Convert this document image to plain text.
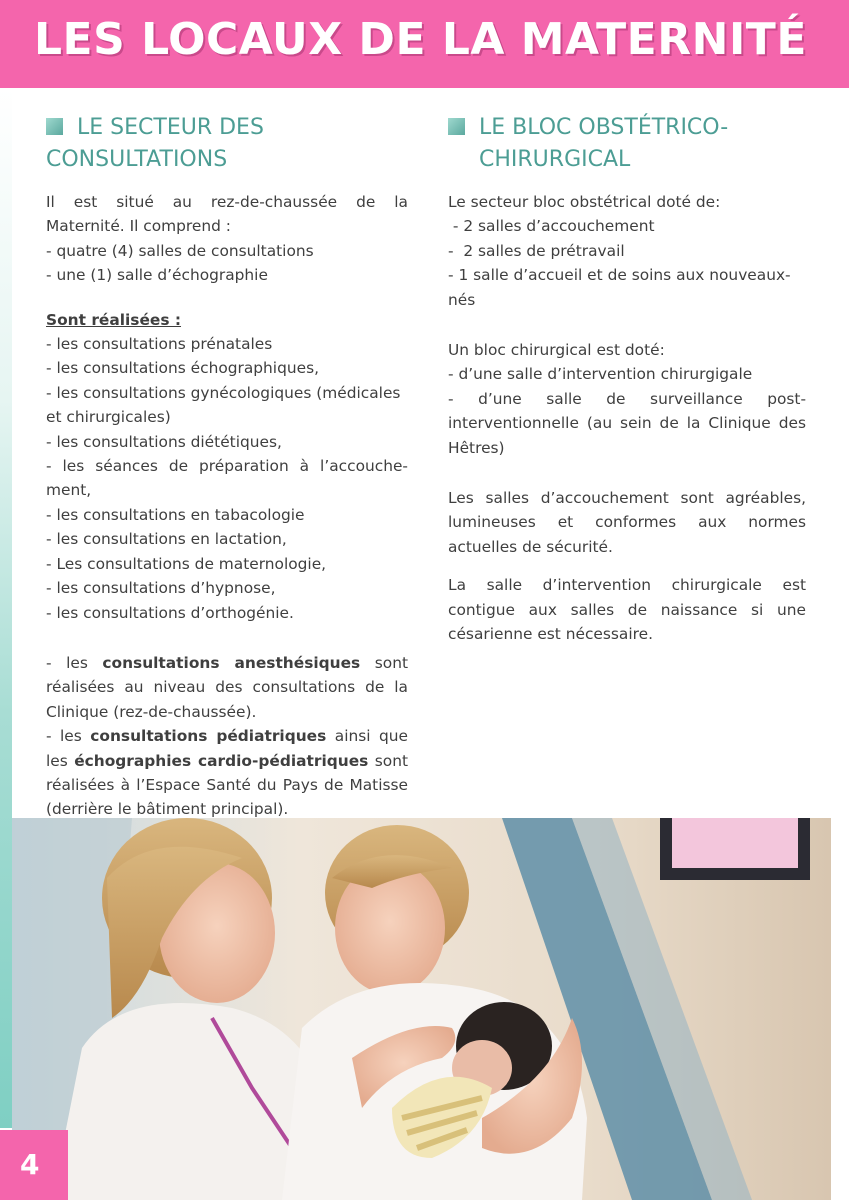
LES LOCAUX DE LA MATERNITÉ
LE SECTEUR DES
CONSULTATIONS

Il est situé au rez-de-chaussée de la

Maternité. Il comprend :

- quatre (4) salles de consultations

- une (1) salle d’échographie

Sont réalisées :

- les consultations prénatales

- les consultations échographiques,

- les consultations gynécologiques (médicales

et chirurgicales)

- les consultations diététiques,

- les séances de préparation à l’accouche-

ment,

- les consultations en tabacologie

- les consultations en lactation,

- Les consultations de maternologie,

- les consultations d’hypnose,

- les consultations d’orthogénie.

- les consultations anesthésiques sont réalisées au niveau des consultations de la Clinique (rez-de-chaussée).

- les consultations pédiatriques ainsi que les échographies cardio-pédiatriques sont réalisées à l’Espace Santé du Pays de Matisse (derrière le bâtiment principal).

LE BLOC OBSTÉTRICO-
CHIRURGICAL

Le secteur bloc obstétrical doté de:

- 2 salles d’accouchement

-  2 salles de prétravail

- 1 salle d’accueil et de soins aux nouveaux-

nés

Un bloc chirurgical est doté:

- d’une salle d’intervention chirurgigale

- d’une salle de surveillance post-interventionnelle (au sein de la Clinique des Hêtres)

Les salles d’accouchement sont agréables, lumineuses et conformes aux normes actuelles de sécurité.

La salle d’intervention chirurgicale est contigue aux salles de naissance si une césarienne est nécessaire.

4
